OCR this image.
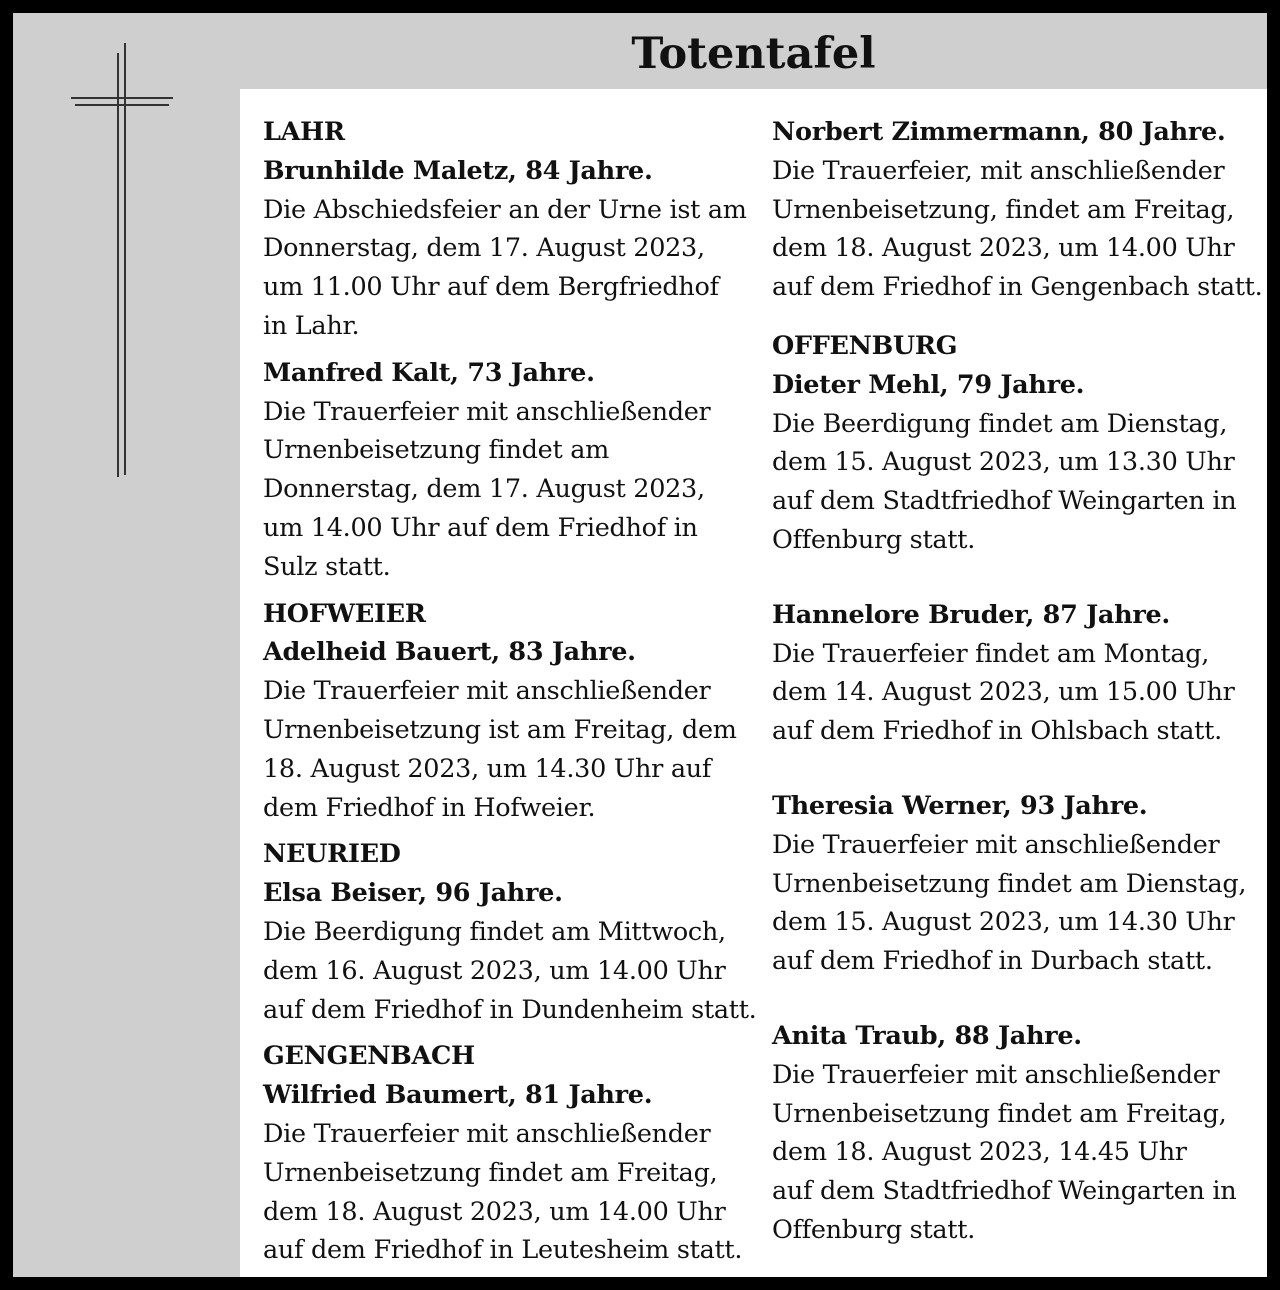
Totentafel

LAHR

Brunhilde Maletz, 84 Jahre.

Die Abschiedsfeier an der Urne ist am
Donnerstag, dem 17. August 2023,
um 11.00 Uhr auf dem Bergfriedhof
in Lahr.

Manfred Kalt, 73 Jahre.

Die Trauerfeier mit anschließender
Urnenbeisetzung findet am
Donnerstag, dem 17. August 2023,
um 14.00 Uhr auf dem Friedhof in
Sulz statt.

HOFWEIER

Adelheid Bauert, 83 Jahre.

Die Trauerfeier mit anschließender
Urnenbeisetzung ist am Freitag, dem
18. August 2023, um 14.30 Uhr auf
dem Friedhof in Hofweier.

NEURIED

Elsa Beiser, 96 Jahre.

Die Beerdigung findet am Mittwoch,
dem 16. August 2023, um 14.00 Uhr
auf dem Friedhof in Dundenheim statt.

GENGENBACH

Wilfried Baumert, 81 Jahre.

Die Trauerfeier mit anschließender
Urnenbeisetzung findet am Freitag,
dem 18. August 2023, um 14.00 Uhr
auf dem Friedhof in Leutesheim statt.

Norbert Zimmermann, 80 Jahre.

Die Trauerfeier, mit anschließender
Urnenbeisetzung, findet am Freitag,
dem 18. August 2023, um 14.00 Uhr
auf dem Friedhof in Gengenbach statt.

OFFENBURG

Dieter Mehl, 79 Jahre.

Die Beerdigung findet am Dienstag,
dem 15. August 2023, um 13.30 Uhr
auf dem Stadtfriedhof Weingarten in
Offenburg statt.

Hannelore Bruder, 87 Jahre.

Die Trauerfeier findet am Montag,
dem 14. August 2023, um 15.00 Uhr
auf dem Friedhof in Ohlsbach statt.

Theresia Werner, 93 Jahre.

Die Trauerfeier mit anschließender
Urnenbeisetzung findet am Dienstag,
dem 15. August 2023, um 14.30 Uhr
auf dem Friedhof in Durbach statt.

Anita Traub, 88 Jahre.

Die Trauerfeier mit anschließender
Urnenbeisetzung findet am Freitag,
dem 18. August 2023, 14.45 Uhr
auf dem Stadtfriedhof Weingarten in
Offenburg statt.
